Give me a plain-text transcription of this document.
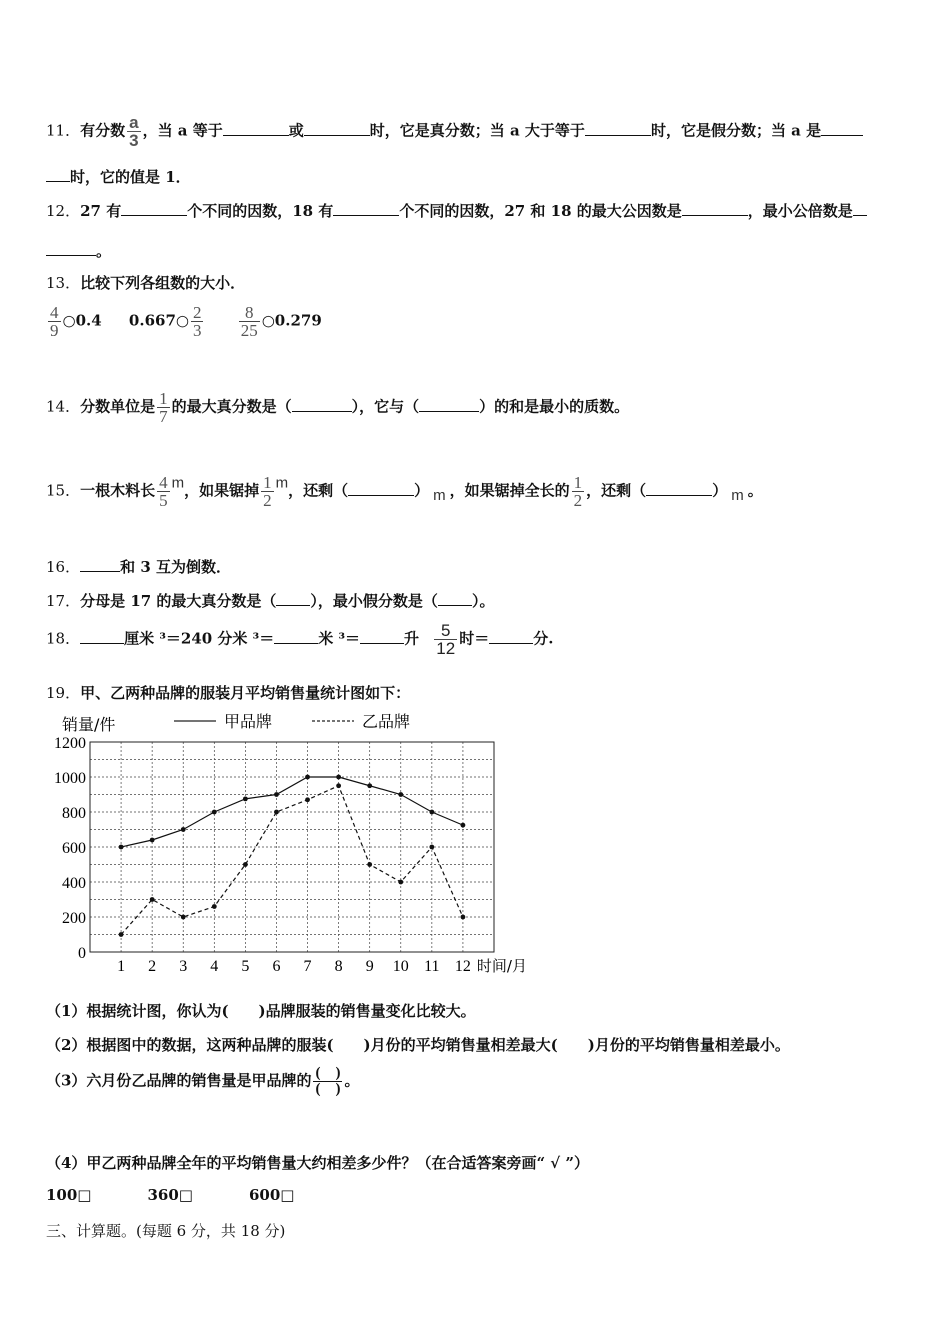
11．有分数 $\frac{a}{3}$ ，当 a 等于	或	时，它是真分数；当 a 大于等于	时，它是假分数；当 a 是
时，它的值是 1．
12．27 有	个不同的因数，18 有	个不同的因数，27 和 18 的最大公因数是	，最小公倍数是
。
13．比较下列各组数的大小．
$\frac{4}{9}$ ○0.4 0.667○ $\frac{2}{3}$
$\frac{8}{25}$ ○0.279
14．分数单位是 $\frac{1}{7}$ 的最大真分数是（	），它与（	）的和是最小的质数。
15．一根木料长 $\frac{4}{5}$ m，如果锯掉 $\frac{1}{2}$ m，还剩（	） m ，如果锯掉全长的 $\frac{1}{2}$ ，还剩（	） m 。
16．	和 3 互为倒数．
17．分母是 17 的最大真分数是（ ），最小假分数是（ ）。
18．	厘米 ³＝240 分米 ³＝	米 ³＝	升 $\frac{5}{12}$ 时＝	分.
19．甲、乙两种品牌的服装月平均销售量统计图如下：
0
200
400
600
800
1000
1200
1 2 3 4 5 6 7 8 9 10 11 12
销量/件
时间/月
甲品牌	乙品牌
（1）根据统计图，你认为(　　)品牌服装的销售量变化比较大。
（2）根据图中的数据，这两种品牌的服装(　　)月份的平均销售量相差最大(　　)月份的平均销售量相差最小。
（3）六月份乙品牌的销售量是甲品牌的 $\frac{( )}{( )}$ 。
（4）甲乙两种品牌全年的平均销售量大约相差多少件？（在合适答案旁画“ √ ”）
100□	360□	600□
三、计算题。(每题 6 分，共 18 分)
